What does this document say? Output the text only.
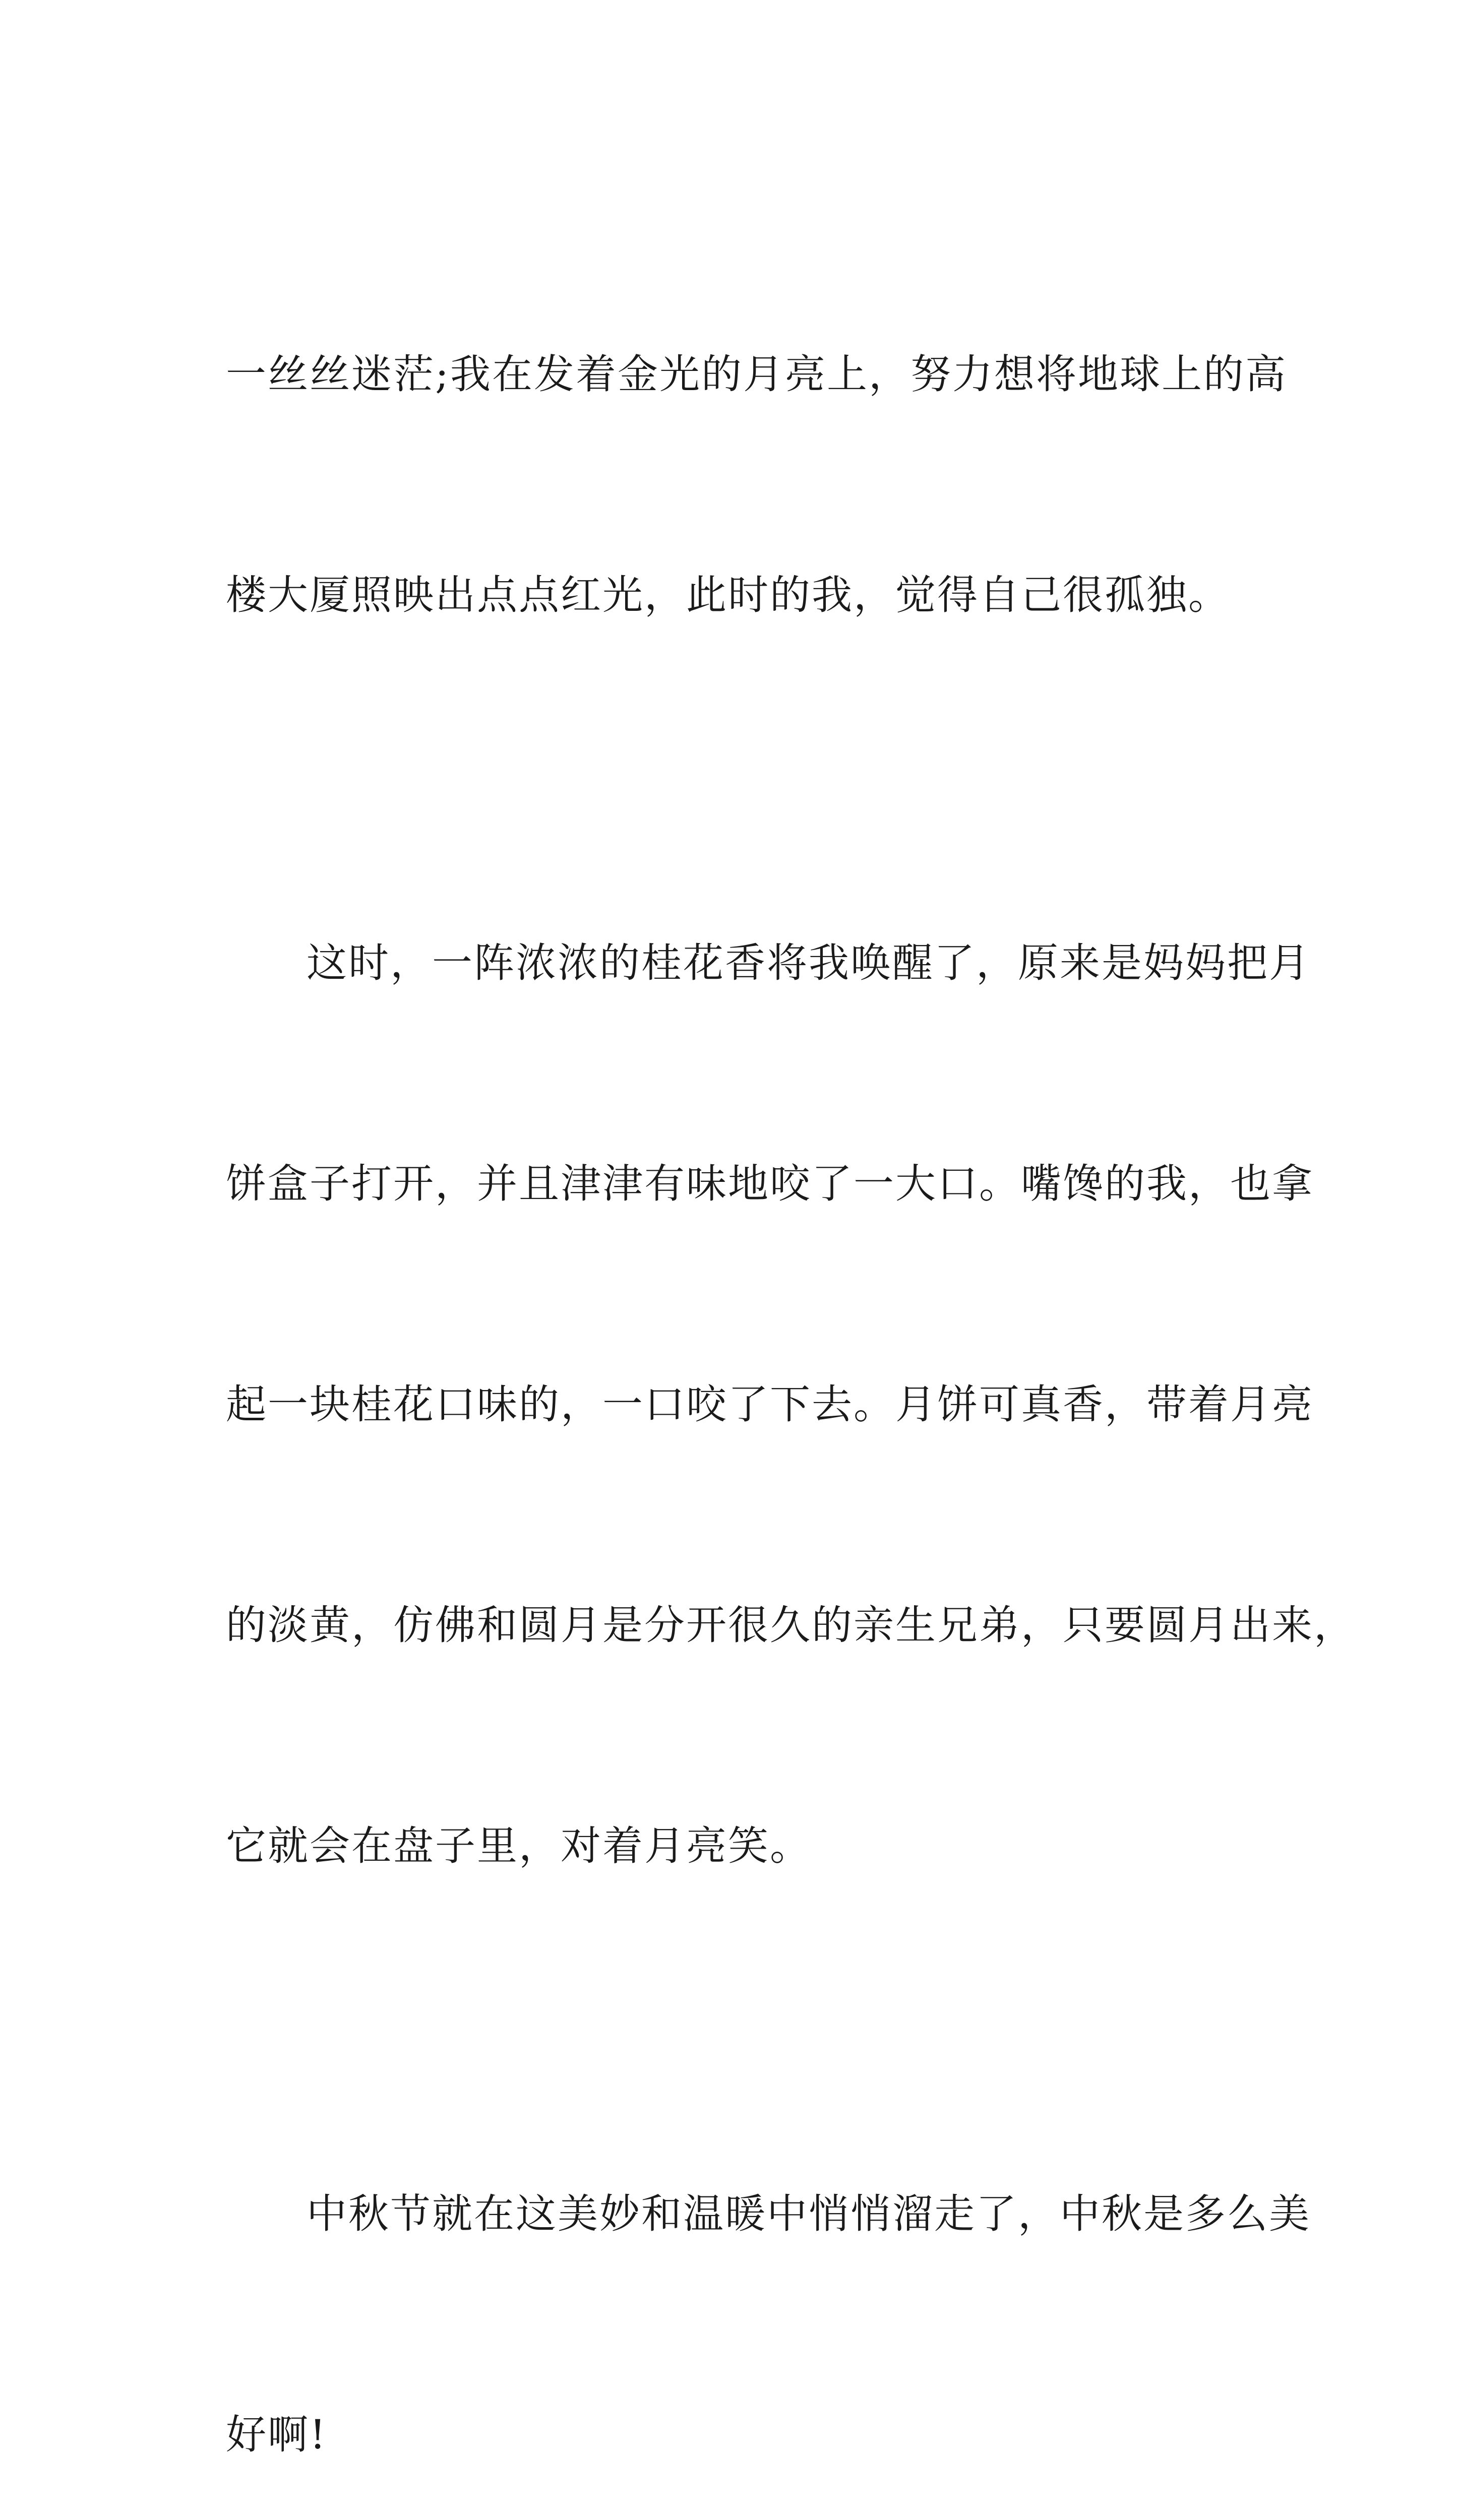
一丝丝迷茫;我在发着金光的月亮上，努力想将地球上的高

楼大厦照映出点点红光，此时的我，觉得自己很孤独。

这时，一阵浓浓的桂花香将我唤醒了，原来是妈妈把月

饼盒子打开，并且津津有味地咬了一大口。嘴馋的我，也拿

起一块桂花口味的，一口咬了下去。月饼可真香，带着月亮

的淡黄，仿佛和圆月是分开很久的亲生兄弟，只要圆月出来，

它就会在盘子里，对着月亮笑。

中秋节就在这美妙和温暖中悄悄溜走了，中秋是多么美

好啊!
